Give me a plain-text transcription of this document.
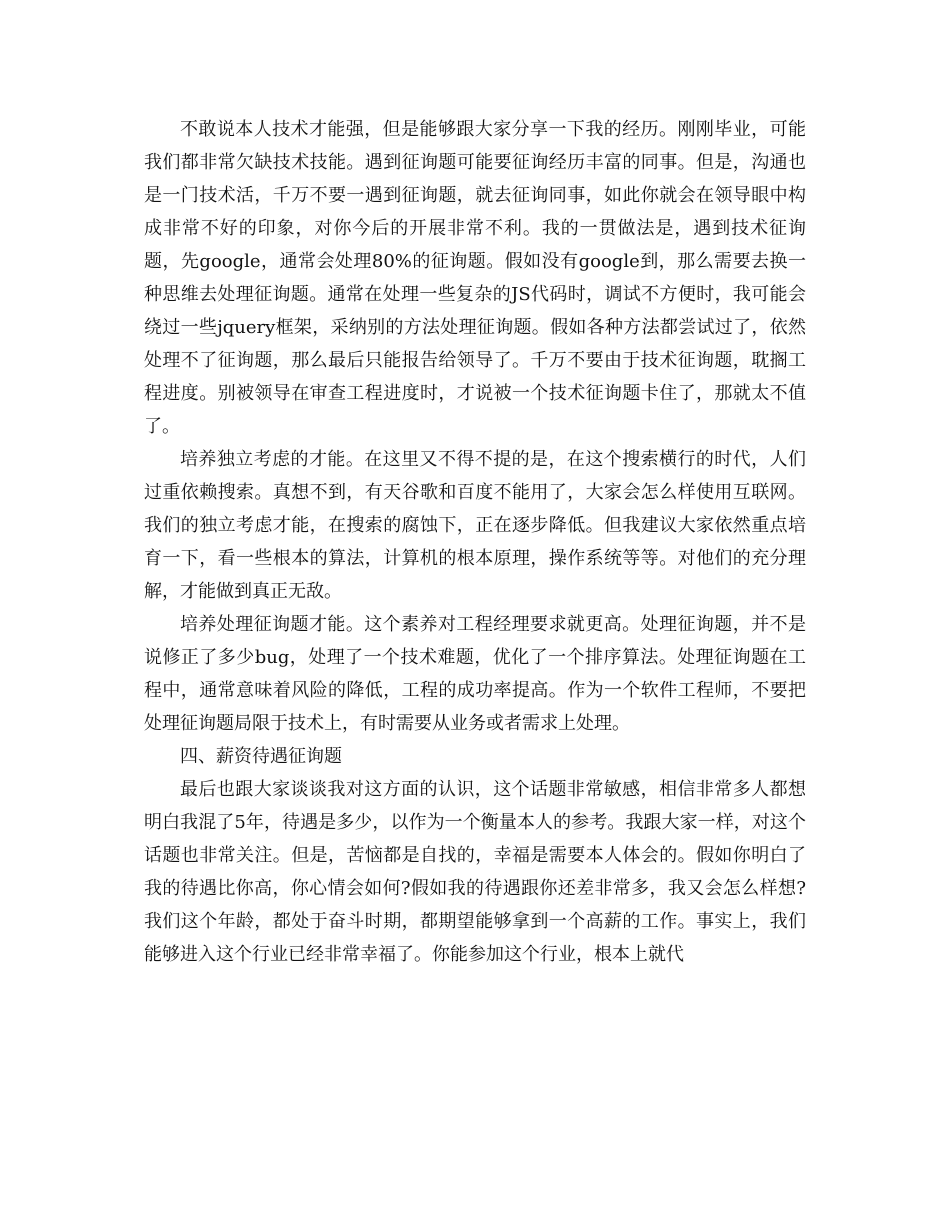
不敢说本人技术才能强，但是能够跟大家分享一下我的经历。刚刚毕业，可能我们都非常欠缺技术技能。遇到征询题可能要征询经历丰富的同事。但是，沟通也是一门技术活，千万不要一遇到征询题，就去征询同事，如此你就会在领导眼中构成非常不好的印象，对你今后的开展非常不利。我的一贯做法是，遇到技术征询题，先google，通常会处理80%的征询题。假如没有google到，那么需要去换一种思维去处理征询题。通常在处理一些复杂的JS代码时，调试不方便时，我可能会绕过一些jquery框架，采纳别的方法处理征询题。假如各种方法都尝试过了，依然处理不了征询题，那么最后只能报告给领导了。千万不要由于技术征询题，耽搁工程进度。别被领导在审查工程进度时，才说被一个技术征询题卡住了，那就太不值了。

培养独立考虑的才能。在这里又不得不提的是，在这个搜索横行的时代，人们过重依赖搜索。真想不到，有天谷歌和百度不能用了，大家会怎么样使用互联网。我们的独立考虑才能，在搜索的腐蚀下，正在逐步降低。但我建议大家依然重点培育一下，看一些根本的算法，计算机的根本原理，操作系统等等。对他们的充分理解，才能做到真正无敌。

培养处理征询题才能。这个素养对工程经理要求就更高。处理征询题，并不是说修正了多少bug，处理了一个技术难题，优化了一个排序算法。处理征询题在工程中，通常意味着风险的降低，工程的成功率提高。作为一个软件工程师，不要把处理征询题局限于技术上，有时需要从业务或者需求上处理。

四、薪资待遇征询题

最后也跟大家谈谈我对这方面的认识，这个话题非常敏感，相信非常多人都想明白我混了5年，待遇是多少，以作为一个衡量本人的参考。我跟大家一样，对这个话题也非常关注。但是，苦恼都是自找的，幸福是需要本人体会的。假如你明白了我的待遇比你高，你心情会如何?假如我的待遇跟你还差非常多，我又会怎么样想?我们这个年龄，都处于奋斗时期，都期望能够拿到一个高薪的工作。事实上，我们能够进入这个行业已经非常幸福了。你能参加这个行业，根本上就代
